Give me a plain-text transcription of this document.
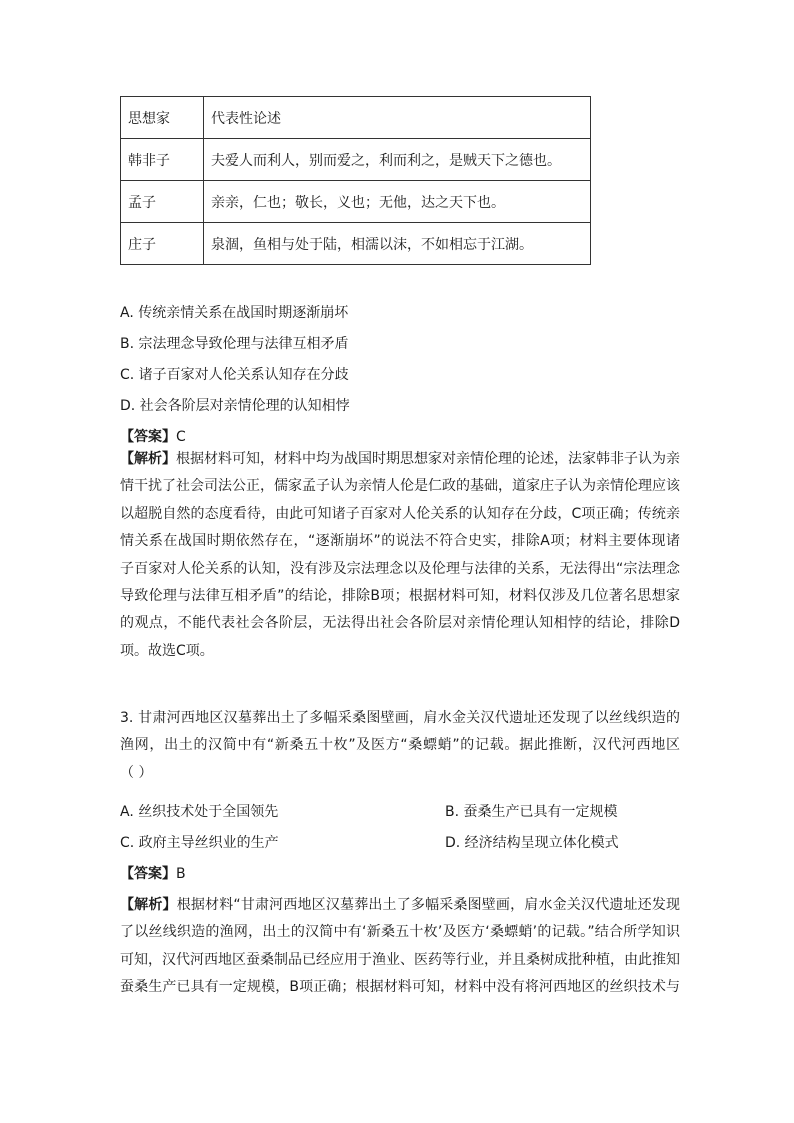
思想家	代表性论述
韩非子	夫爱人而利人，别而爱之，利而利之，是贼天下之德也。
孟子	亲亲，仁也；敬长，义也；无他，达之天下也。
庄子	泉涸，鱼相与处于陆，相濡以沫，不如相忘于江湖。
A. 传统亲情关系在战国时期逐渐崩坏
B. 宗法理念导致伦理与法律互相矛盾
C. 诸子百家对人伦关系认知存在分歧
D. 社会各阶层对亲情伦理的认知相悖
【答案】C
【解析】根据材料可知，材料中均为战国时期思想家对亲情伦理的论述，法家韩非子认为亲
情干扰了社会司法公正，儒家孟子认为亲情人伦是仁政的基础，道家庄子认为亲情伦理应该
以超脱自然的态度看待，由此可知诸子百家对人伦关系的认知存在分歧，C项正确；传统亲
情关系在战国时期依然存在，“逐渐崩坏”的说法不符合史实，排除A项；材料主要体现诸
子百家对人伦关系的认知，没有涉及宗法理念以及伦理与法律的关系，无法得出“宗法理念
导致伦理与法律互相矛盾”的结论，排除B项；根据材料可知，材料仅涉及几位著名思想家
的观点，不能代表社会各阶层，无法得出社会各阶层对亲情伦理认知相悖的结论，排除D
项。故选C项。
3. 甘肃河西地区汉墓葬出土了多幅采桑图壁画，肩水金关汉代遗址还发现了以丝线织造的
渔网，出土的汉简中有“新桑五十枚”及医方“桑螵蛸”的记载。据此推断，汉代河西地区
（ ）
A. 丝织技术处于全国领先	B. 蚕桑生产已具有一定规模
C. 政府主导丝织业的生产	D. 经济结构呈现立体化模式
【答案】B
【解析】根据材料“甘肃河西地区汉墓葬出土了多幅采桑图壁画，肩水金关汉代遗址还发现
了以丝线织造的渔网，出土的汉简中有‘新桑五十枚’及医方‘桑螵蛸’的记载。”结合所学知识
可知，汉代河西地区蚕桑制品已经应用于渔业、医药等行业，并且桑树成批种植，由此推知
蚕桑生产已具有一定规模，B项正确；根据材料可知，材料中没有将河西地区的丝织技术与
